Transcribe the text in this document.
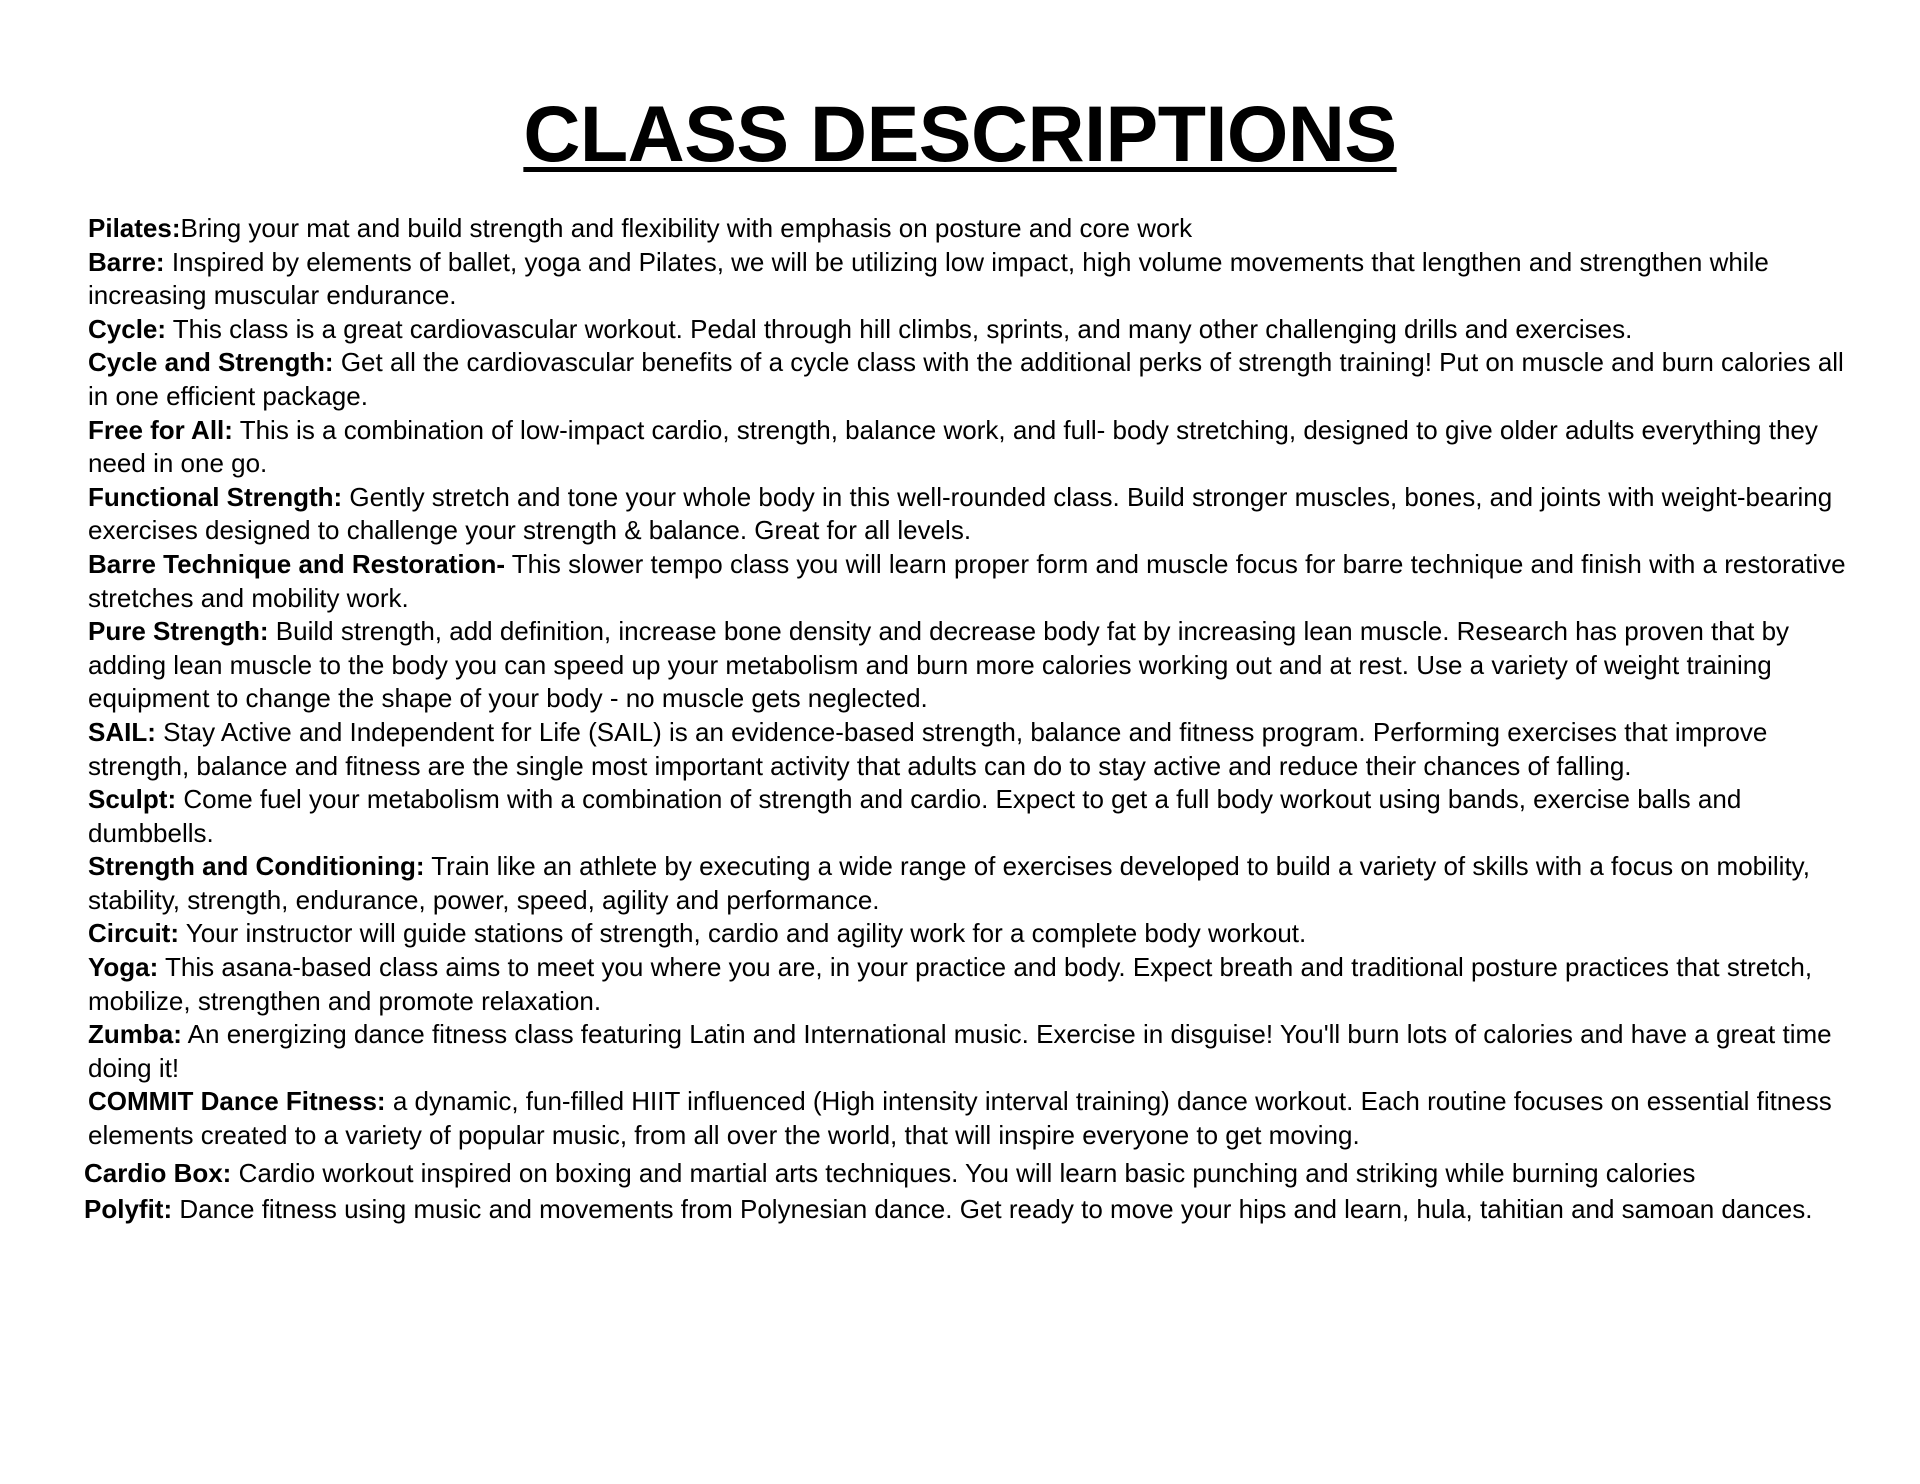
CLASS DESCRIPTIONS
Pilates:Bring your mat and build strength and flexibility with emphasis on posture and core work
Barre: Inspired by elements of ballet, yoga and Pilates, we will be utilizing low impact, high volume movements that lengthen and strengthen while increasing muscular endurance.
Cycle: This class is a great cardiovascular workout. Pedal through hill climbs, sprints, and many other challenging drills and exercises.
Cycle and Strength: Get all the cardiovascular benefits of a cycle class with the additional perks of strength training! Put on muscle and burn calories all in one efficient package.
Free for All: This is a combination of low-impact cardio, strength, balance work, and full- body stretching, designed to give older adults everything they need in one go.
Functional Strength: Gently stretch and tone your whole body in this well-rounded class. Build stronger muscles, bones, and joints with weight-bearing exercises designed to challenge your strength & balance. Great for all levels.
Barre Technique and Restoration- This slower tempo class you will learn proper form and muscle focus for barre technique and finish with a restorative stretches and mobility work.
Pure Strength: Build strength, add definition, increase bone density and decrease body fat by increasing lean muscle. Research has proven that by adding lean muscle to the body you can speed up your metabolism and burn more calories working out and at rest. Use a variety of weight training equipment to change the shape of your body - no muscle gets neglected.
SAIL: Stay Active and Independent for Life (SAIL) is an evidence-based strength, balance and fitness program. Performing exercises that improve strength, balance and fitness are the single most important activity that adults can do to stay active and reduce their chances of falling.
Sculpt: Come fuel your metabolism with a combination of strength and cardio. Expect to get a full body workout using bands, exercise balls and dumbbells.
Strength and Conditioning: Train like an athlete by executing a wide range of exercises developed to build a variety of skills with a focus on mobility, stability, strength, endurance, power, speed, agility and performance.
Circuit: Your instructor will guide stations of strength, cardio and agility work for a complete body workout.
Yoga: This asana-based class aims to meet you where you are, in your practice and body. Expect breath and traditional posture practices that stretch, mobilize, strengthen and promote relaxation.
Zumba: An energizing dance fitness class featuring Latin and International music. Exercise in disguise! You'll burn lots of calories and have a great time doing it!
COMMIT Dance Fitness: a dynamic, fun-filled HIIT influenced (High intensity interval training) dance workout. Each routine focuses on essential fitness elements created to a variety of popular music, from all over the world, that will inspire everyone to get moving.
Cardio Box: Cardio workout inspired on boxing and martial arts techniques. You will learn basic punching and striking while burning calories
Polyfit: Dance fitness using music and movements from Polynesian dance. Get ready to move your hips and learn, hula, tahitian and samoan dances.
